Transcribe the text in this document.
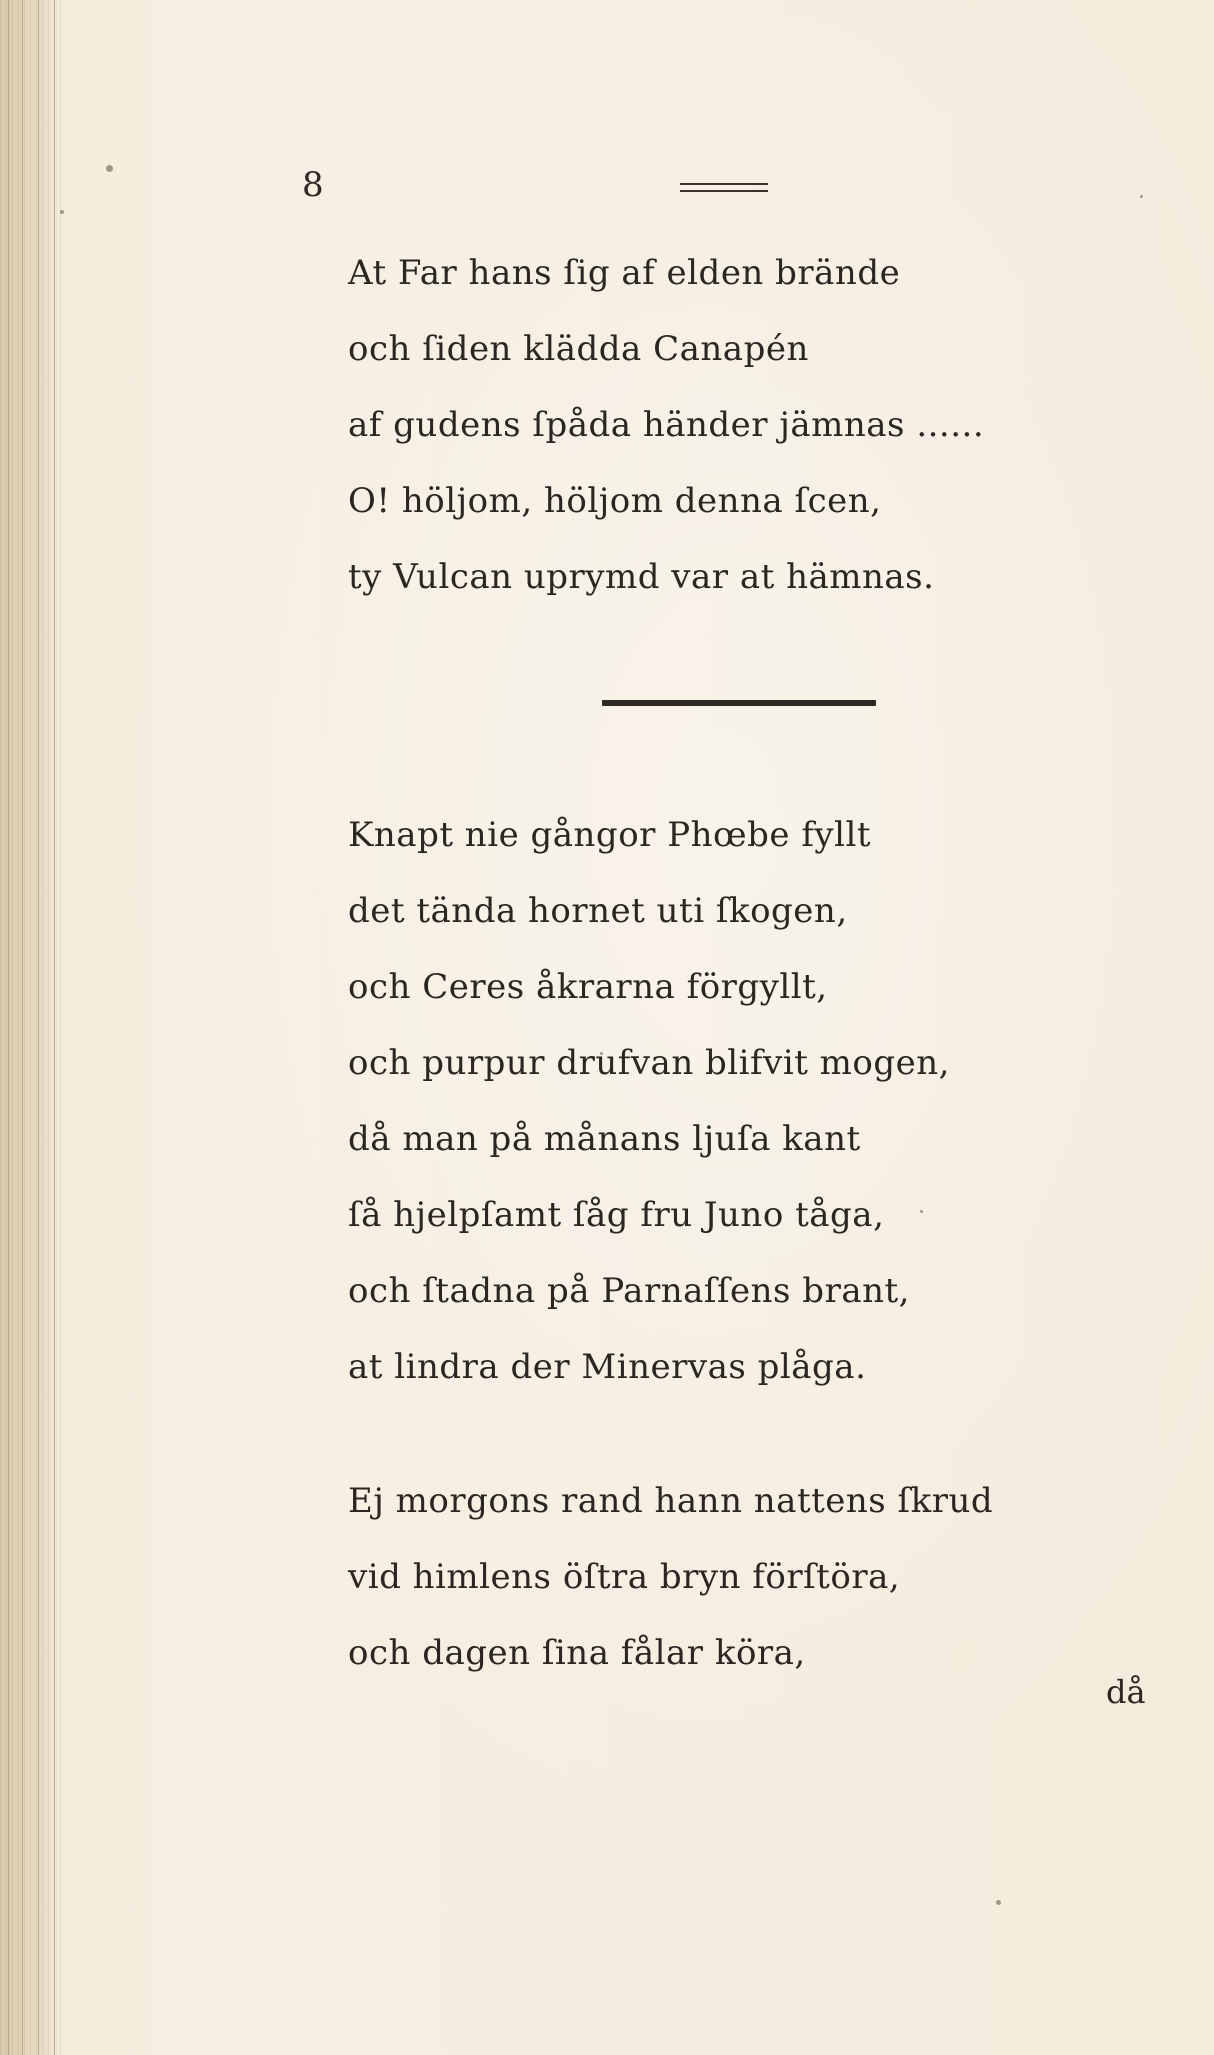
8
At Far hans ſig af elden brände
och ſiden klädda Canapén
af gudens ſpåda händer jämnas ......
O! höljom, höljom denna ſcen,
ty Vulcan uprymd var at hämnas.
Knapt nie gångor Phœbe fyllt
det tända hornet uti ſkogen,
och Ceres åkrarna förgyllt,
och purpur drufvan blifvit mogen,
då man på månans ljuſa kant
ſå hjelpſamt ſåg fru Juno tåga,
och ſtadna på Parnaſſens brant,
at lindra der Minervas plåga.
Ej morgons rand hann nattens ſkrud
vid himlens öſtra bryn förſtöra,
och dagen ſina fålar köra,
då
